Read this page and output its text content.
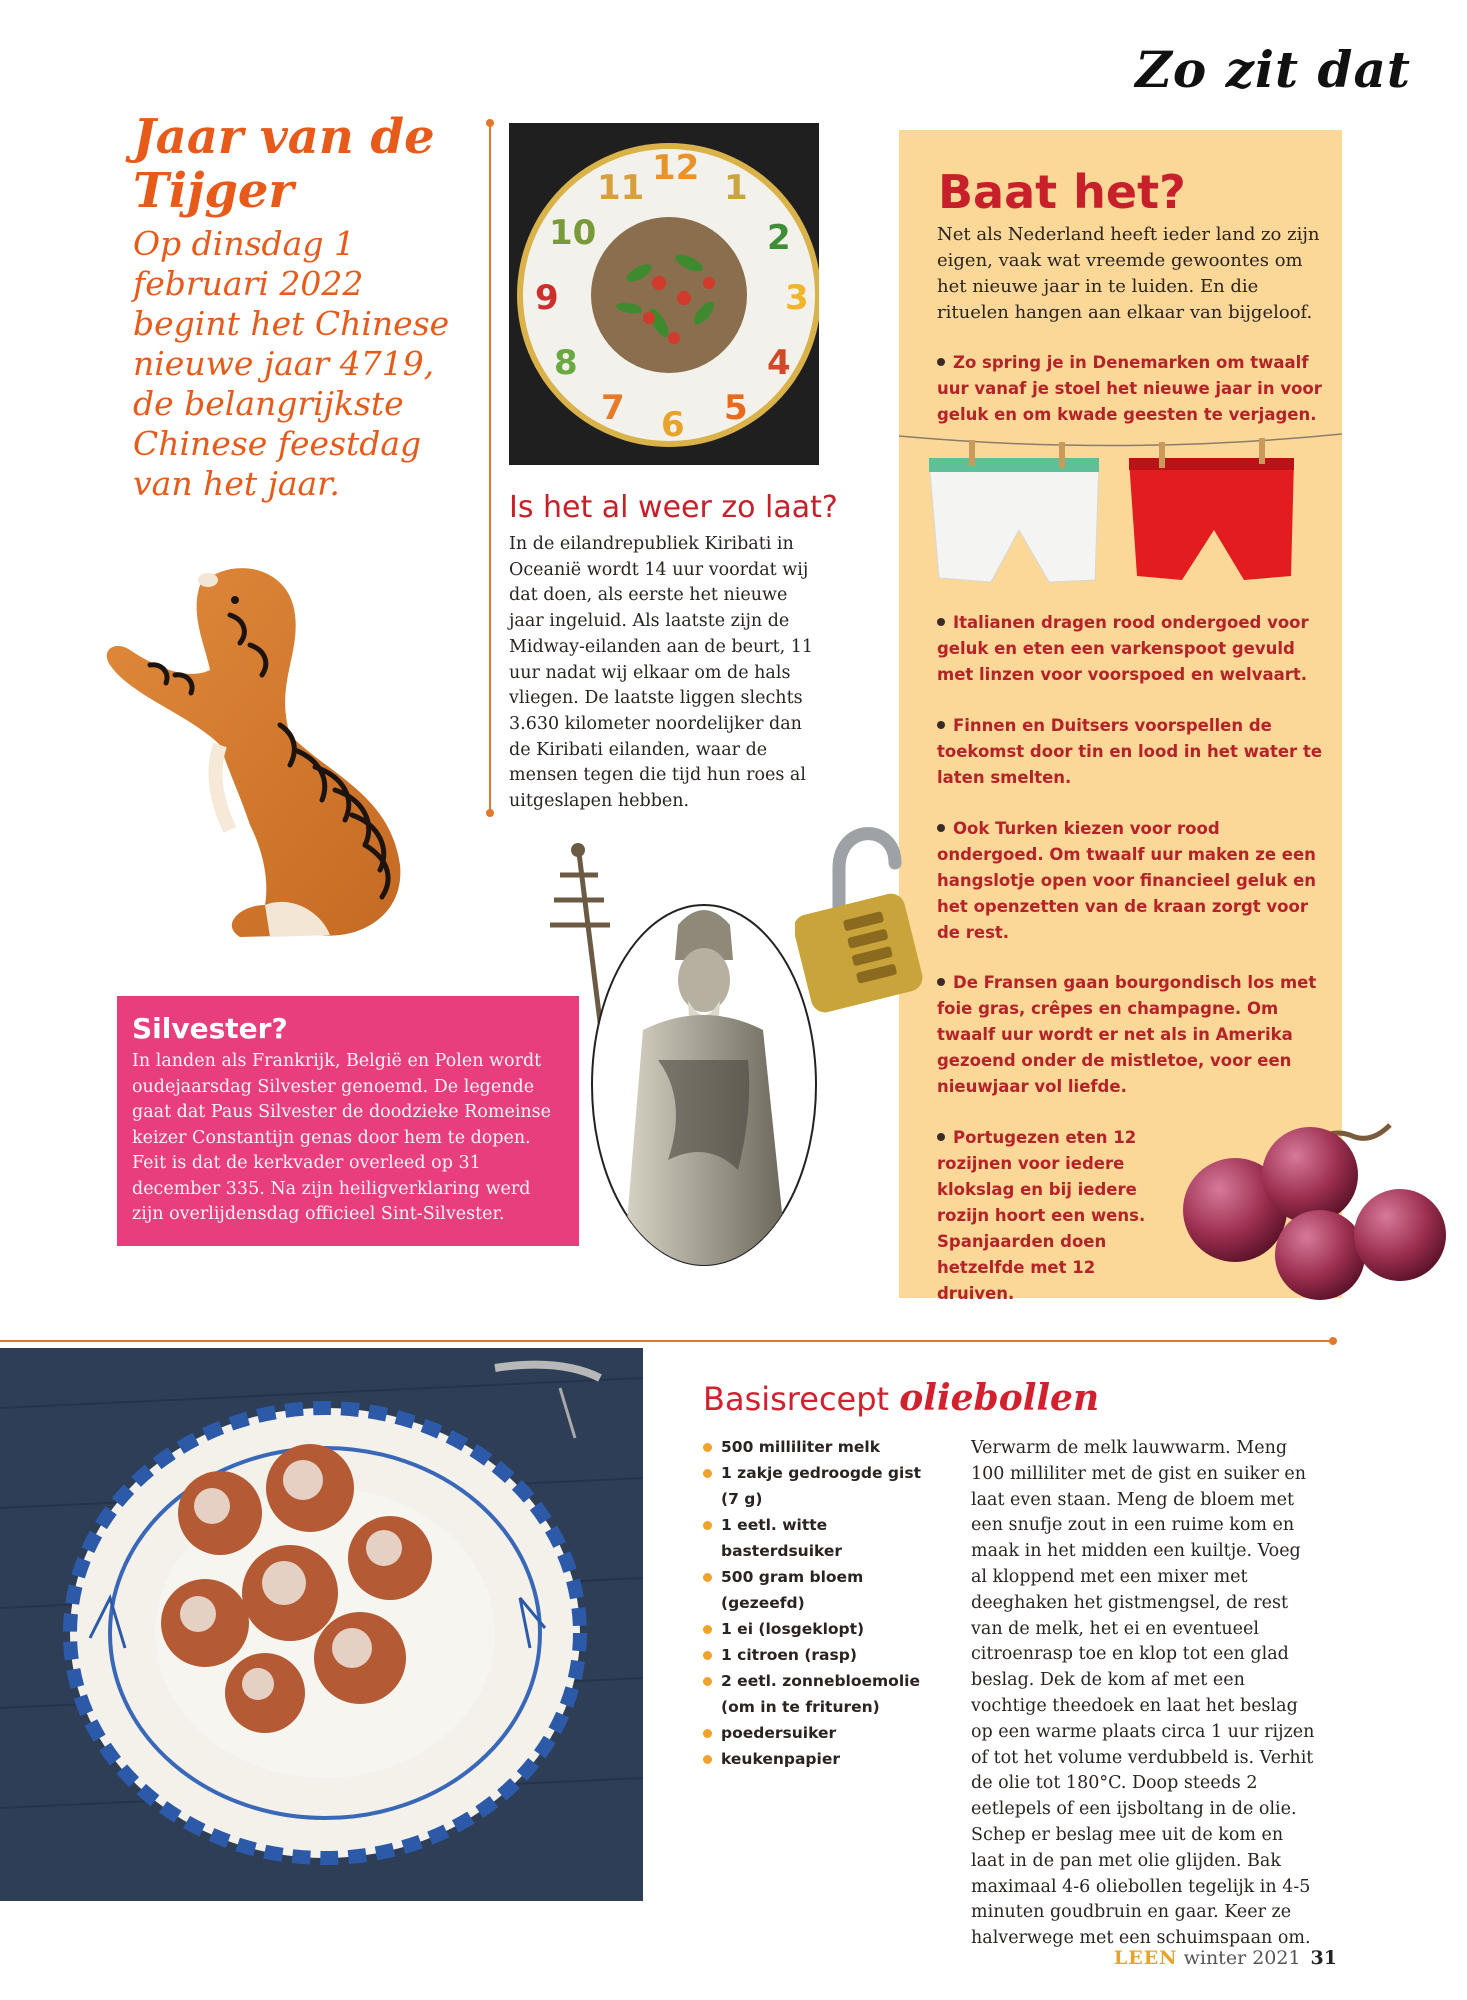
Zo zit dat
Jaar van de Tijger
Op dinsdag 1 februari 2022 begint het Chinese nieuwe jaar 4719, de belangrijkste Chinese feestdag van het jaar.
12 1
2
3
4
5
6
7
8
9
10
11
Is het al weer zo laat?
In de eilandrepubliek Kiribati in Oceanië wordt 14 uur voordat wij dat doen, als eerste het nieuwe jaar ingeluid. Als laatste zijn de Midway-eilanden aan de beurt, 11 uur nadat wij elkaar om de hals vliegen. De laatste liggen slechts 3.630 kilometer noordelijker dan de Kiribati eilanden, waar de mensen tegen die tijd hun roes al uitgeslapen hebben.
Baat het?
Net als Nederland heeft ieder land zo zijn eigen, vaak wat vreemde gewoontes om het nieuwe jaar in te luiden. En die rituelen hangen aan elkaar van bijgeloof.
Zo spring je in Denemarken om twaalf uur vanaf je stoel het nieuwe jaar in voor geluk en om kwade geesten te verjagen.
Italianen dragen rood ondergoed voor geluk en eten een varkenspoot gevuld met linzen voor voorspoed en welvaart.
Finnen en Duitsers voorspellen de toekomst door tin en lood in het water te laten smelten.
Ook Turken kiezen voor rood ondergoed. Om twaalf uur maken ze een hangslotje open voor financieel geluk en het openzetten van de kraan zorgt voor de rest.
De Fransen gaan bourgondisch los met foie gras, crêpes en champagne. Om twaalf uur wordt er net als in Amerika gezoend onder de mistletoe, voor een nieuwjaar vol liefde.
Portugezen eten 12 rozijnen voor iedere klokslag en bij iedere rozijn hoort een wens. Spanjaarden doen hetzelfde met 12 druiven.
Silvester?
In landen als Frankrijk, België en Polen wordt oudejaarsdag Silvester genoemd. De legende gaat dat Paus Silvester de doodzieke Romeinse keizer Constantijn genas door hem te dopen. Feit is dat de kerkvader overleed op 31 december 335. Na zijn heiligverklaring werd zijn overlijdensdag officieel Sint-Silvester.
Basisrecept oliebollen
500 milliliter melk
1 zakje gedroogde gist (7 g)
1 eetl. witte basterdsuiker
500 gram bloem (gezeefd)
1 ei (losgeklopt)
1 citroen (rasp)
2 eetl. zonnebloemolie (om in te frituren)
poedersuiker
keukenpapier
Verwarm de melk lauwwarm. Meng 100 milliliter met de gist en suiker en laat even staan. Meng de bloem met een snufje zout in een ruime kom en maak in het midden een kuiltje. Voeg al kloppend met een mixer met deeghaken het gistmengsel, de rest van de melk, het ei en eventueel citroenrasp toe en klop tot een glad beslag. Dek de kom af met een vochtige theedoek en laat het beslag op een warme plaats circa 1 uur rijzen of tot het volume verdubbeld is. Verhit de olie tot 180°C. Doop steeds 2 eetlepels of een ijsboltang in de olie. Schep er beslag mee uit de kom en laat in de pan met olie glijden. Bak maximaal 4-6 oliebollen tegelijk in 4-5 minuten goudbruin en gaar. Keer ze halverwege met een schuimspaan om.
LEEN winter 2021 31
